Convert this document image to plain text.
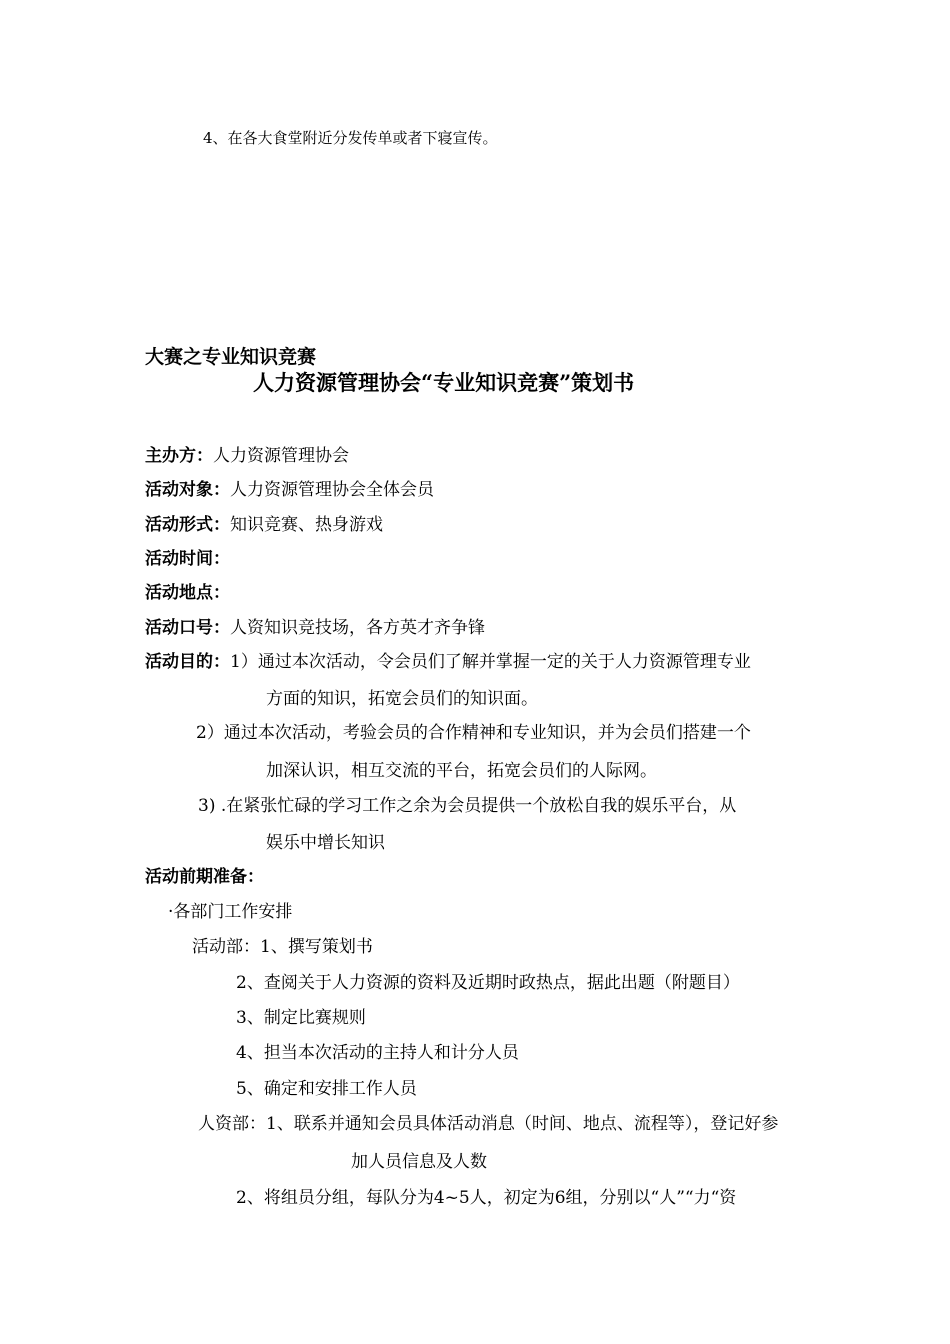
4、在各大食堂附近分发传单或者下寝宣传。
大赛之专业知识竞赛
人力资源管理协会“专业知识竞赛”策划书
主办方：人力资源管理协会
活动对象：人力资源管理协会全体会员
活动形式：知识竞赛、热身游戏
活动时间：
活动地点：
活动口号：人资知识竞技场，各方英才齐争锋
活动目的：1）通过本次活动，令会员们了解并掌握一定的关于人力资源管理专业
方面的知识，拓宽会员们的知识面。
2）通过本次活动，考验会员的合作精神和专业知识，并为会员们搭建一个
加深认识，相互交流的平台，拓宽会员们的人际网。
3) .在紧张忙碌的学习工作之余为会员提供一个放松自我的娱乐平台，从
娱乐中增长知识
活动前期准备：
·各部门工作安排
活动部：1、撰写策划书
2、查阅关于人力资源的资料及近期时政热点，据此出题（附题目）
3、制定比赛规则
4、担当本次活动的主持人和计分人员
5、确定和安排工作人员
人资部：1、联系并通知会员具体活动消息（时间、地点、流程等），登记好参
加人员信息及人数
2、将组员分组，每队分为4~5人，初定为6组，分别以“人”“力“资
